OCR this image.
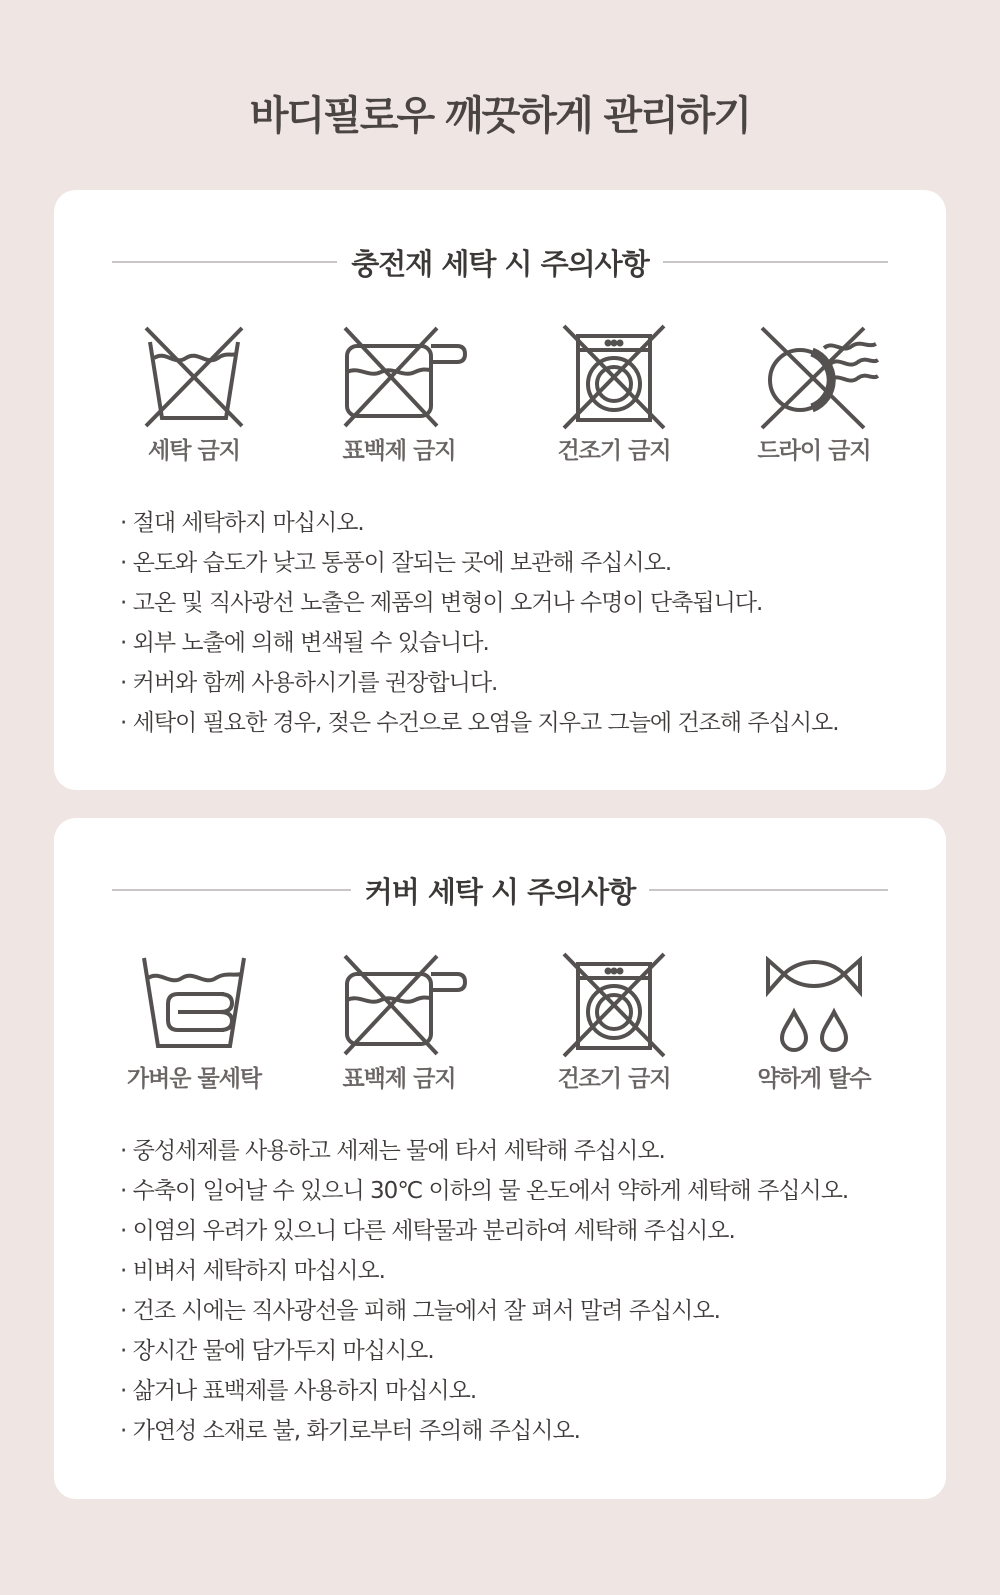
바디필로우 깨끗하게 관리하기
충전재 세탁 시 주의사항
세탁 금지	표백제 금지	건조기 금지	드라이 금지
· 절대 세탁하지 마십시오.
· 온도와 습도가 낮고 통풍이 잘되는 곳에 보관해 주십시오.
· 고온 및 직사광선 노출은 제품의 변형이 오거나 수명이 단축됩니다.
· 외부 노출에 의해 변색될 수 있습니다.
· 커버와 함께 사용하시기를 권장합니다.
· 세탁이 필요한 경우, 젖은 수건으로 오염을 지우고 그늘에 건조해 주십시오.
커버 세탁 시 주의사항
가벼운 물세탁	표백제 금지	건조기 금지	약하게 탈수
· 중성세제를 사용하고 세제는 물에 타서 세탁해 주십시오.
· 수축이 일어날 수 있으니 30℃ 이하의 물 온도에서 약하게 세탁해 주십시오.
· 이염의 우려가 있으니 다른 세탁물과 분리하여 세탁해 주십시오.
· 비벼서 세탁하지 마십시오.
· 건조 시에는 직사광선을 피해 그늘에서 잘 펴서 말려 주십시오.
· 장시간 물에 담가두지 마십시오.
· 삶거나 표백제를 사용하지 마십시오.
· 가연성 소재로 불, 화기로부터 주의해 주십시오.
